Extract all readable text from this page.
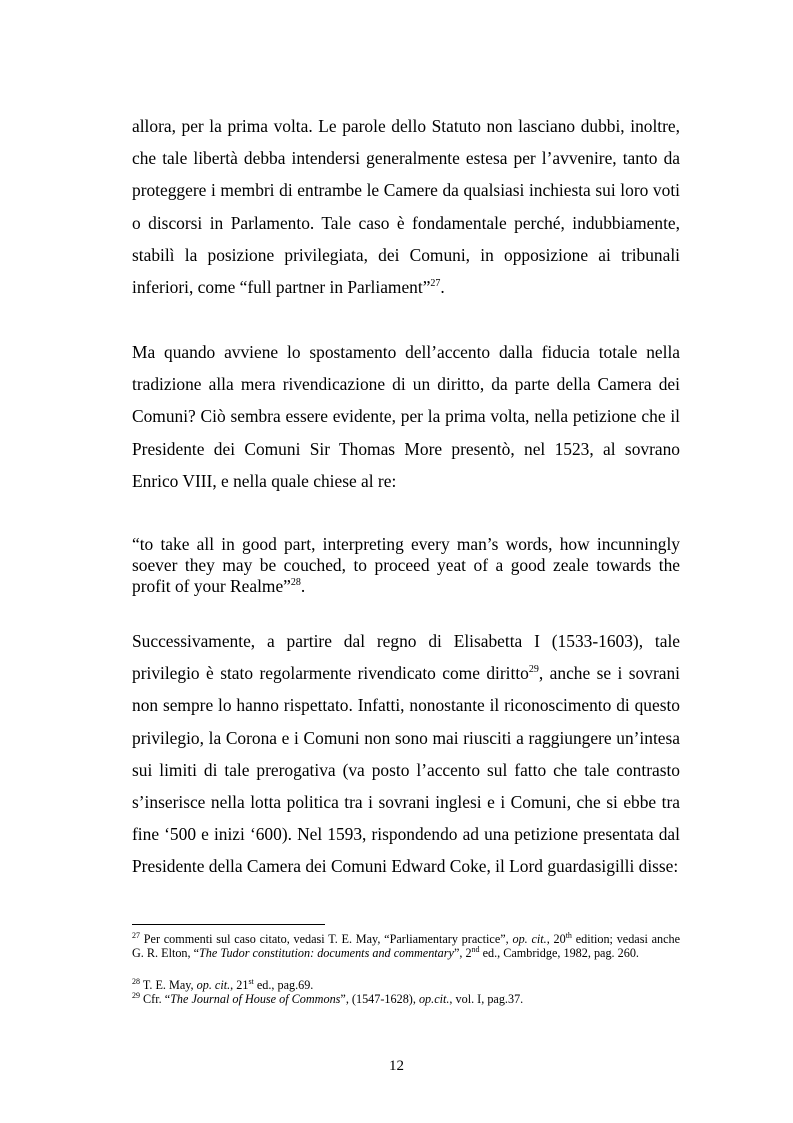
allora, per la prima volta. Le parole dello Statuto non lasciano dubbi, inoltre, che tale libertà debba intendersi generalmente estesa per l’avvenire, tanto da proteggere i membri di entrambe le Camere da qualsiasi inchiesta sui loro voti o discorsi in Parlamento. Tale caso è fondamentale perché, indubbiamente, stabilì la posizione privilegiata, dei Comuni, in opposizione ai tribunali inferiori, come “full partner in Parliament”$^{27}$.

Ma quando avviene lo spostamento dell’accento dalla fiducia totale nella tradizione alla mera rivendicazione di un diritto, da parte della Camera dei Comuni? Ciò sembra essere evidente, per la prima volta, nella petizione che il Presidente dei Comuni Sir Thomas More presentò, nel 1523, al sovrano Enrico VIII, e nella quale chiese al re:

“to take all in good part, interpreting every man’s words, how incunningly soever they may be couched, to proceed yeat of a good zeale towards the profit of your Realme”$^{28}$.

Successivamente, a partire dal regno di Elisabetta I (1533-1603), tale privilegio è stato regolarmente rivendicato come diritto$^{29}$, anche se i sovrani non sempre lo hanno rispettato. Infatti, nonostante il riconoscimento di questo privilegio, la Corona e i Comuni non sono mai riusciti a raggiungere un’intesa sui limiti di tale prerogativa (va posto l’accento sul fatto che tale contrasto s’inserisce nella lotta politica tra i sovrani inglesi e i Comuni, che si ebbe tra fine ‘500 e inizi ‘600). Nel 1593, rispondendo ad una petizione presentata dal Presidente della Camera dei Comuni Edward Coke, il Lord guardasigilli disse:

$^{27}$ Per commenti sul caso citato, vedasi T. E. May, “Parliamentary practice”, op. cit., 20th edition; vedasi anche G. R. Elton, “The Tudor constitution: documents and commentary”, 2nd ed., Cambridge, 1982, pag. 260.

$^{28}$ T. E. May, op. cit., 21st ed., pag.69.

$^{29}$ Cfr. “The Journal of House of Commons”, (1547-1628), op.cit., vol. I, pag.37.

12
